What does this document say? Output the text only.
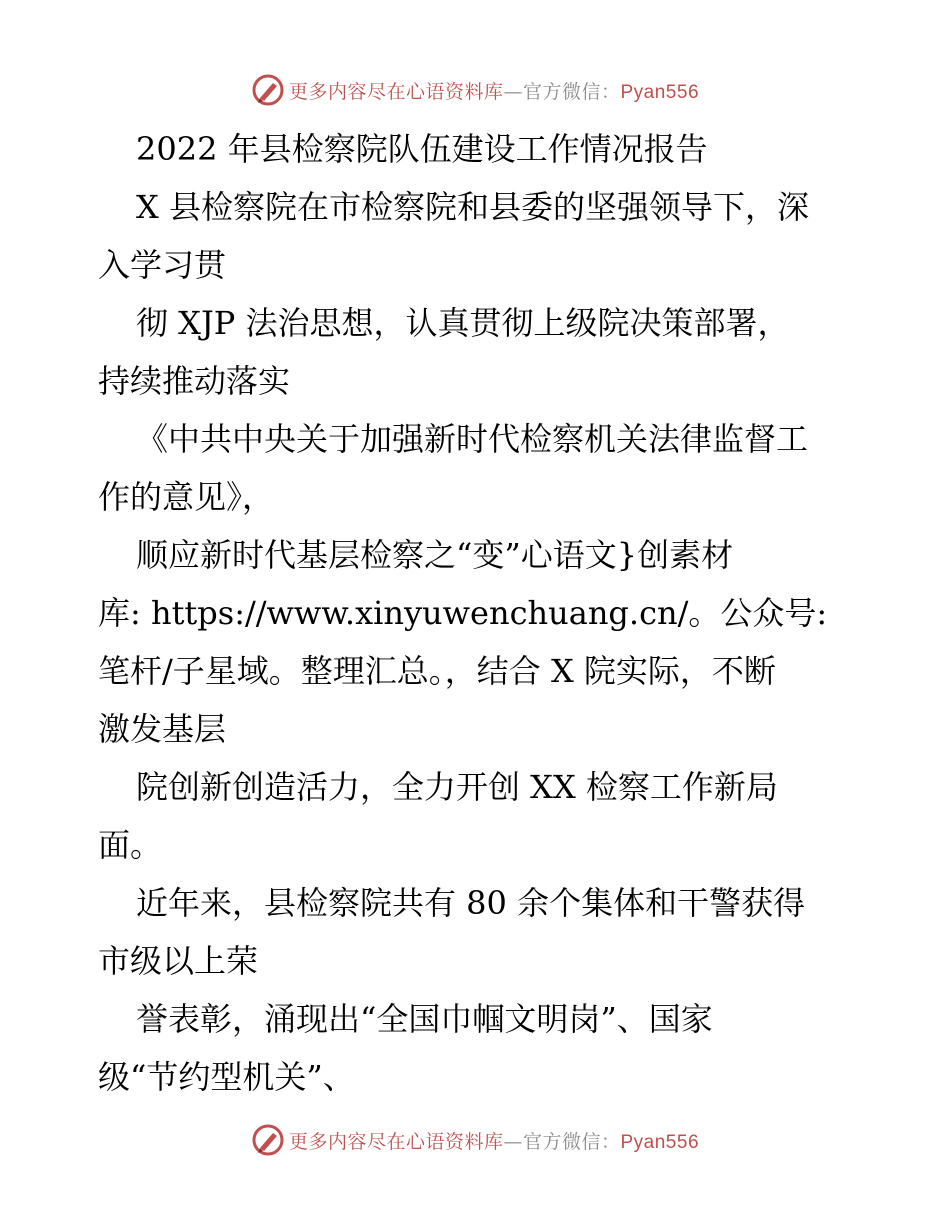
更多内容尽在心语资料库—官方微信：Pyan556
2022 年县检察院队伍建设工作情况报告
X 县检察院在市检察院和县委的坚强领导下，深
入学习贯
彻 XJP 法治思想，认真贯彻上级院决策部署，
持续推动落实
《中共中央关于加强新时代检察机关法律监督工
作的意见》，
顺应新时代基层检察之“变”心语文}创素材
库: https://www.xinyuwenchuang.cn/。公众号:
笔杆/子星域。整理汇总。，结合 X 院实际，不断
激发基层
院创新创造活力，全力开创 XX 检察工作新局
面。
近年来，县检察院共有 80 余个集体和干警获得
市级以上荣
誉表彰，涌现出“全国巾帼文明岗”、国家
级“节约型机关”、
更多内容尽在心语资料库—官方微信：Pyan556
